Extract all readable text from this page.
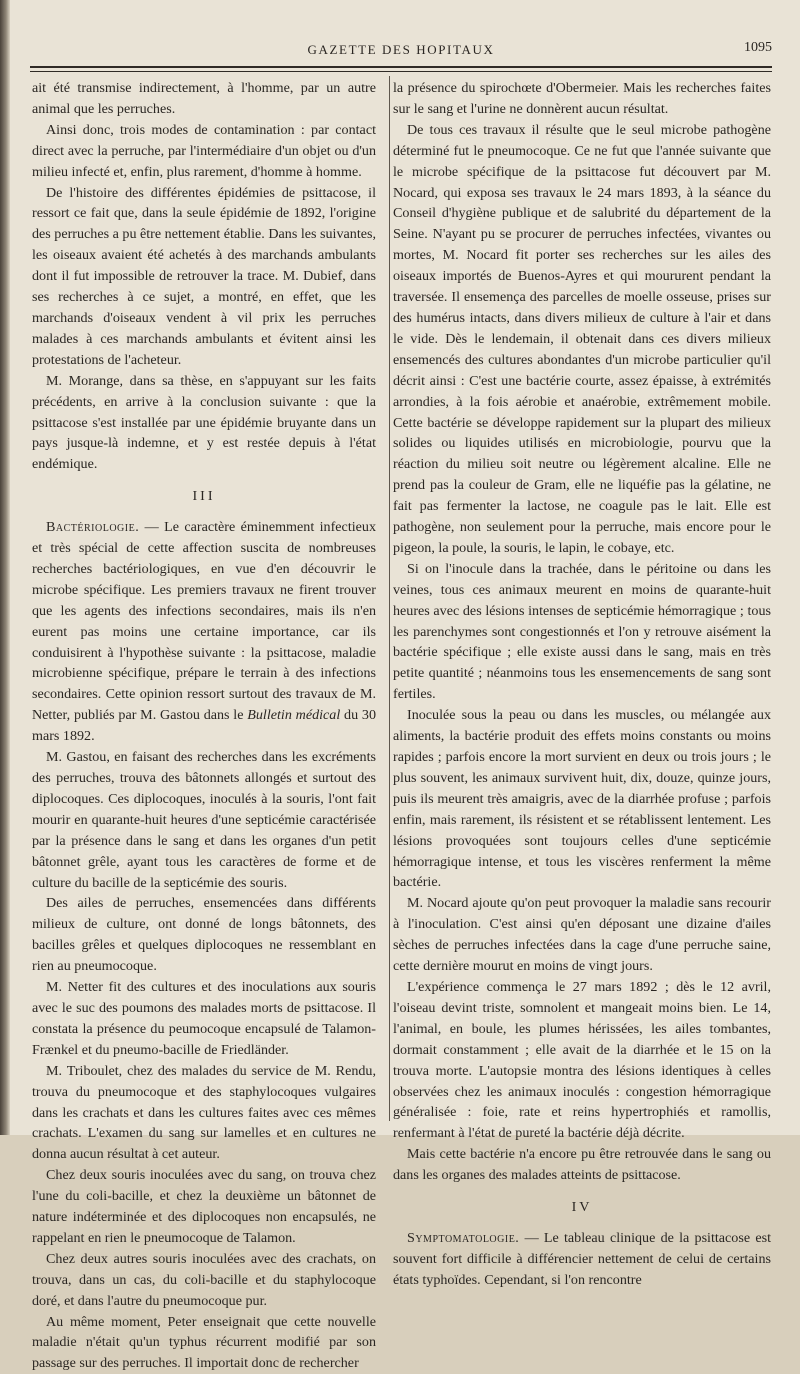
GAZETTE DES HOPITAUX	1095

ait été transmise indirectement, à l'homme, par un autre animal que les perruches.

Ainsi donc, trois modes de contamination : par contact direct avec la perruche, par l'intermédiaire d'un objet ou d'un milieu infecté et, enfin, plus rarement, d'homme à homme.

De l'histoire des différentes épidémies de psittacose, il ressort ce fait que, dans la seule épidémie de 1892, l'origine des perruches a pu être nettement établie. Dans les suivantes, les oiseaux avaient été achetés à des marchands ambulants dont il fut impossible de retrouver la trace. M. Dubief, dans ses recherches à ce sujet, a montré, en effet, que les marchands d'oiseaux vendent à vil prix les perruches malades à ces marchands ambulants et évitent ainsi les protestations de l'acheteur.

M. Morange, dans sa thèse, en s'appuyant sur les faits précédents, en arrive à la conclusion suivante : que la psittacose s'est installée par une épidémie bruyante dans un pays jusque-là indemne, et y est restée depuis à l'état endémique.

III

Bactériologie. — Le caractère éminemment infectieux et très spécial de cette affection suscita de nombreuses recherches bactériologiques, en vue d'en découvrir le microbe spécifique. Les premiers travaux ne firent trouver que les agents des infections secondaires, mais ils n'en eurent pas moins une certaine importance, car ils conduisirent à l'hypothèse suivante : la psittacose, maladie microbienne spécifique, prépare le terrain à des infections secondaires. Cette opinion ressort surtout des travaux de M. Netter, publiés par M. Gastou dans le Bulletin médical du 30 mars 1892.

M. Gastou, en faisant des recherches dans les excréments des perruches, trouva des bâtonnets allongés et surtout des diplocoques. Ces diplocoques, inoculés à la souris, l'ont fait mourir en quarante-huit heures d'une septicémie caractérisée par la présence dans le sang et dans les organes d'un petit bâtonnet grêle, ayant tous les caractères de forme et de culture du bacille de la septicémie des souris.

Des ailes de perruches, ensemencées dans différents milieux de culture, ont donné de longs bâtonnets, des bacilles grêles et quelques diplocoques ne ressemblant en rien au pneumocoque.

M. Netter fit des cultures et des inoculations aux souris avec le suc des poumons des malades morts de psittacose. Il constata la présence du peumocoque encapsulé de Talamon-Frænkel et du pneumo-bacille de Friedländer.

M. Triboulet, chez des malades du service de M. Rendu, trouva du pneumocoque et des staphylocoques vulgaires dans les crachats et dans les cultures faites avec ces mêmes crachats. L'examen du sang sur lamelles et en cultures ne donna aucun résultat à cet auteur.

Chez deux souris inoculées avec du sang, on trouva chez l'une du coli-bacille, et chez la deuxième un bâtonnet de nature indéterminée et des diplocoques non encapsulés, ne rappelant en rien le pneumocoque de Talamon.

Chez deux autres souris inoculées avec des crachats, on trouva, dans un cas, du coli-bacille et du staphylocoque doré, et dans l'autre du pneumocoque pur.

Au même moment, Peter enseignait que cette nouvelle maladie n'était qu'un typhus récurrent modifié par son passage sur des perruches. Il importait donc de rechercher

la présence du spirochœte d'Obermeier. Mais les recherches faites sur le sang et l'urine ne donnèrent aucun résultat.

De tous ces travaux il résulte que le seul microbe pathogène déterminé fut le pneumocoque. Ce ne fut que l'année suivante que le microbe spécifique de la psittacose fut découvert par M. Nocard, qui exposa ses travaux le 24 mars 1893, à la séance du Conseil d'hygiène publique et de salubrité du département de la Seine. N'ayant pu se procurer de perruches infectées, vivantes ou mortes, M. Nocard fit porter ses recherches sur les ailes des oiseaux importés de Buenos-Ayres et qui moururent pendant la traversée. Il ensemença des parcelles de moelle osseuse, prises sur des humérus intacts, dans divers milieux de culture à l'air et dans le vide. Dès le lendemain, il obtenait dans ces divers milieux ensemencés des cultures abondantes d'un microbe particulier qu'il décrit ainsi : C'est une bactérie courte, assez épaisse, à extrémités arrondies, à la fois aérobie et anaérobie, extrêmement mobile. Cette bactérie se développe rapidement sur la plupart des milieux solides ou liquides utilisés en microbiologie, pourvu que la réaction du milieu soit neutre ou légèrement alcaline. Elle ne prend pas la couleur de Gram, elle ne liquéfie pas la gélatine, ne fait pas fermenter la lactose, ne coagule pas le lait. Elle est pathogène, non seulement pour la perruche, mais encore pour le pigeon, la poule, la souris, le lapin, le cobaye, etc.

Si on l'inocule dans la trachée, dans le péritoine ou dans les veines, tous ces animaux meurent en moins de quarante-huit heures avec des lésions intenses de septicémie hémorragique ; tous les parenchymes sont congestionnés et l'on y retrouve aisément la bactérie spécifique ; elle existe aussi dans le sang, mais en très petite quantité ; néanmoins tous les ensemencements de sang sont fertiles.

Inoculée sous la peau ou dans les muscles, ou mélangée aux aliments, la bactérie produit des effets moins constants ou moins rapides ; parfois encore la mort survient en deux ou trois jours ; le plus souvent, les animaux survivent huit, dix, douze, quinze jours, puis ils meurent très amaigris, avec de la diarrhée profuse ; parfois enfin, mais rarement, ils résistent et se rétablissent lentement. Les lésions provoquées sont toujours celles d'une septicémie hémorragique intense, et tous les viscères renferment la même bactérie.

M. Nocard ajoute qu'on peut provoquer la maladie sans recourir à l'inoculation. C'est ainsi qu'en déposant une dizaine d'ailes sèches de perruches infectées dans la cage d'une perruche saine, cette dernière mourut en moins de vingt jours.

L'expérience commença le 27 mars 1892 ; dès le 12 avril, l'oiseau devint triste, somnolent et mangeait moins bien. Le 14, l'animal, en boule, les plumes hérissées, les ailes tombantes, dormait constamment ; elle avait de la diarrhée et le 15 on la trouva morte. L'autopsie montra des lésions identiques à celles observées chez les animaux inoculés : congestion hémorragique généralisée : foie, rate et reins hypertrophiés et ramollis, renfermant à l'état de pureté la bactérie déjà décrite.

Mais cette bactérie n'a encore pu être retrouvée dans le sang ou dans les organes des malades atteints de psittacose.

IV

Symptomatologie. — Le tableau clinique de la psittacose est souvent fort difficile à différencier nettement de celui de certains états typhoïdes. Cependant, si l'on rencontre
